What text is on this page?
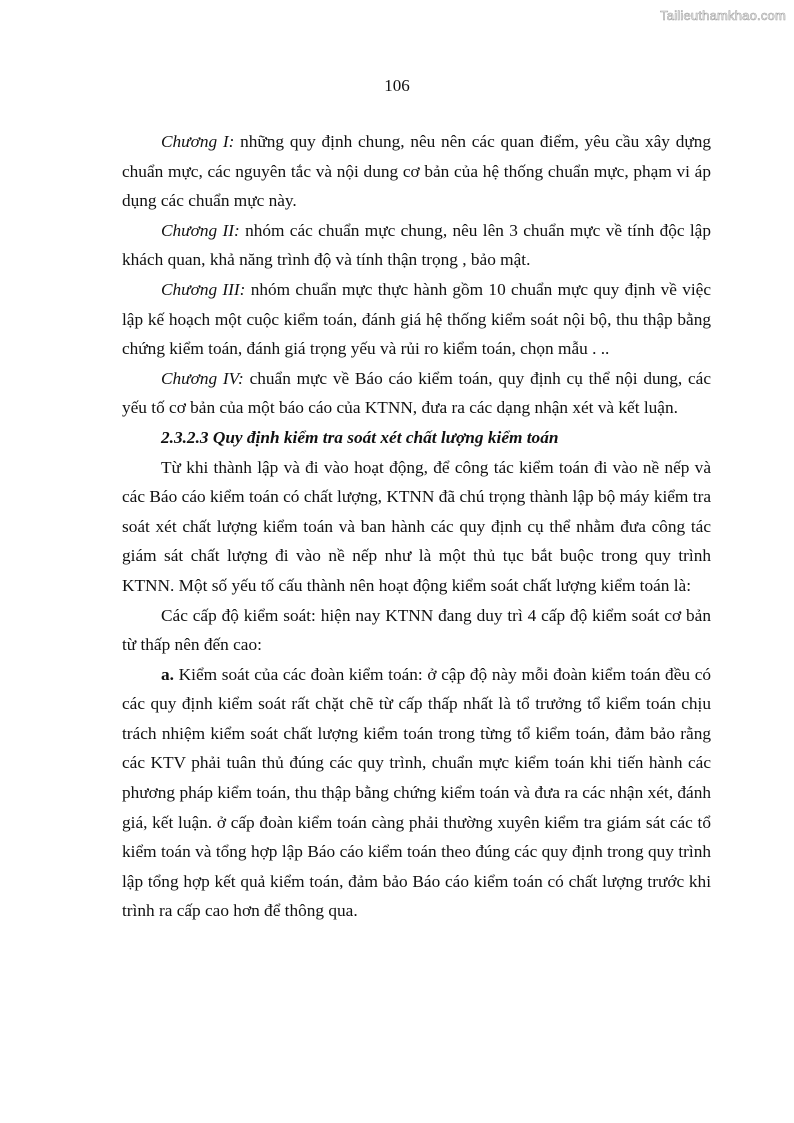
Tailieuthamkhao.com
106

Chương I: những quy định chung, nêu nên các quan điểm, yêu cầu xây dựng chuẩn mực, các nguyên tắc và nội dung cơ bản của hệ thống chuẩn mực, phạm vi áp dụng các chuẩn mực này.

Chương II: nhóm các chuẩn mực chung, nêu lên 3 chuẩn mực về tính độc lập khách quan, khả năng trình độ và tính thận trọng , bảo mật.

Chương III: nhóm chuẩn mực thực hành gồm 10 chuẩn mực quy định về việc lập kế hoạch một cuộc kiểm toán, đánh giá hệ thống kiểm soát nội bộ, thu thập bằng chứng kiểm toán, đánh giá trọng yếu và rủi ro kiểm toán, chọn mẫu . ..

Chương IV: chuẩn mực về Báo cáo kiểm toán, quy định cụ thể nội dung, các yếu tố cơ bản của một báo cáo của KTNN, đưa ra các dạng nhận xét và kết luận.

2.3.2.3 Quy định kiểm tra soát xét chất lượng kiểm toán

Từ khi thành lập và đi vào hoạt động, để công tác kiểm toán đi vào nề nếp và các Báo cáo kiểm toán có chất lượng, KTNN đã chú trọng thành lập bộ máy kiểm tra soát xét chất lượng kiểm toán và ban hành các quy định cụ thể nhằm đưa công tác giám sát chất lượng đi vào nề nếp như là một thủ tục bắt buộc trong quy trình KTNN. Một số yếu tố cấu thành nên hoạt động kiểm soát chất lượng kiểm toán là:

Các cấp độ kiểm soát: hiện nay KTNN đang duy trì 4 cấp độ kiểm soát cơ bản từ thấp nên đến cao:

a. Kiểm soát của các đoàn kiểm toán: ở cập độ này mỗi đoàn kiểm toán đều có các quy định kiểm soát rất chặt chẽ từ cấp thấp nhất là tổ trưởng tổ kiểm toán chịu trách nhiệm kiểm soát chất lượng kiểm toán trong từng tổ kiểm toán, đảm bảo rằng các KTV phải tuân thủ đúng các quy trình, chuẩn mực kiểm toán khi tiến hành các phương pháp kiểm toán, thu thập bằng chứng kiểm toán và đưa ra các nhận xét, đánh giá, kết luận. ở cấp đoàn kiểm toán càng phải thường xuyên kiểm tra giám sát các tổ kiểm toán và tổng hợp lập Báo cáo kiểm toán theo đúng các quy định trong quy trình lập tổng hợp kết quả kiểm toán, đảm bảo Báo cáo kiểm toán có chất lượng trước khi trình ra cấp cao hơn để thông qua.
